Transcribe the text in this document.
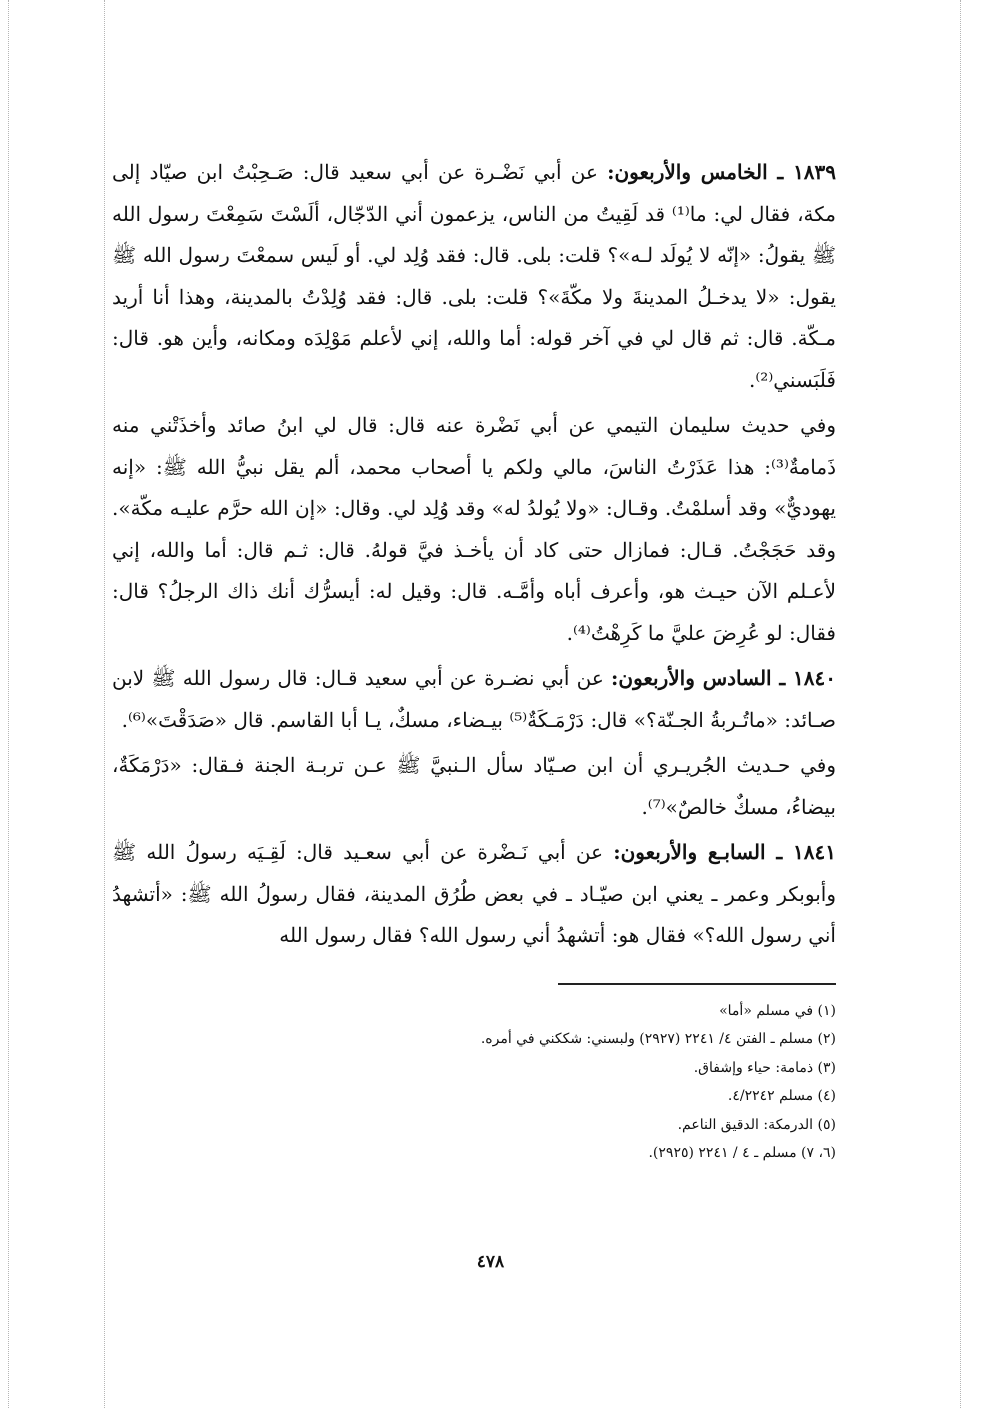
١٨٣٩ ـ الخامس والأربعون: عن أبي نَضْـرة عن أبي سعيد قال: صَـحِبْتُ ابن صيّاد إلى مكة، فقال لي: ما⁽¹⁾ قد لَقِيتُ من الناس، يزعمون أني الدّجّال، ألَسْتَ سَمِعْتَ رسول الله ﷺ يقولُ: «إنّه لا يُولَد لـه»؟ قلت: بلى. قال: فقد وُلِد لي. أو لَيس سمعْتَ رسول الله ﷺ يقول: «لا يدخـلُ المدينةَ ولا مكّةَ»؟ قلت: بلى. قال: فقد وُلِدْتُ بالمدينة، وهذا أنا أريد مـكّة. قال: ثم قال لي في آخر قوله: أما والله، إني لأعلم مَوْلِدَه ومكانه، وأين هو. قال: فَلَبَسني⁽²⁾.

وفي حديث سليمان التيمي عن أبي نَضْرة عنه قال: قال لي ابنُ صائد وأخذَتْني منه ذَمامةٌ⁽³⁾: هذا عَذَرْتُ الناسَ، مالي ولكم يا أصحاب محمد، ألم يقل نبيُّ الله ﷺ: «إنه يهوديٌّ» وقد أسلمْتُ. وقـال: «ولا يُولدُ له» وقد وُلِد لي. وقال: «إن الله حرَّم عليـه مكّة». وقد حَجَجْتُ. قـال: فمازال حتى كاد أن يأخـذ فيَّ قولهُ. قال: ثـم قال: أما والله، إني لأعـلم الآن حيـث هو، وأعرف أباه وأمَّـه. قال: وقيل له: أيسرُّك أنك ذاك الرجلُ؟ قال: فقال: لو عُرِضَ عليَّ ما كَرِهْتُ⁽⁴⁾.

١٨٤٠ ـ السادس والأربعون: عن أبي نضـرة عن أبي سعيد قـال: قال رسول الله ﷺ لابن صـائد: «ماتُـربةُ الجـنّة؟» قال: دَرْمَـكَةٌ⁽⁵⁾ بيـضاء، مسكٌ، يـا أبا القاسم. قال «صَدَقْتَ»⁽⁶⁾.

وفي حـديث الجُريـري أن ابن صـيّاد سأل الـنبيَّ ﷺ عـن تربـة الجنة فـقال: «دَرْمَكَةٌ، بيضاءُ، مسكٌ خالصٌ»⁽⁷⁾.

١٨٤١ ـ السابـع والأربعون: عن أبي نَـضْرة عن أبي سعـيد قال: لَقِـيَه رسولُ الله ﷺ وأبوبكر وعمر ـ يعني ابن صيّـاد ـ في بعض طُرُق المدينة، فقال رسولُ الله ﷺ: «أتشهدُ أني رسول الله؟» فقال هو: أتشهدُ أني رسول الله؟ فقال رسول الله

(١) في مسلم «أما»
(٢) مسلم ـ الفتن ٤/ ٢٢٤١ (٢٩٢٧) ولبسني: شككني في أمره.
(٣) ذمامة: حياء وإشفاق.
(٤) مسلم ٤/٢٢٤٢.
(٥) الدرمكة: الدقيق الناعم.
(٦، ٧) مسلم ـ ٤ / ٢٢٤١ (٢٩٢٥).
٤٧٨
